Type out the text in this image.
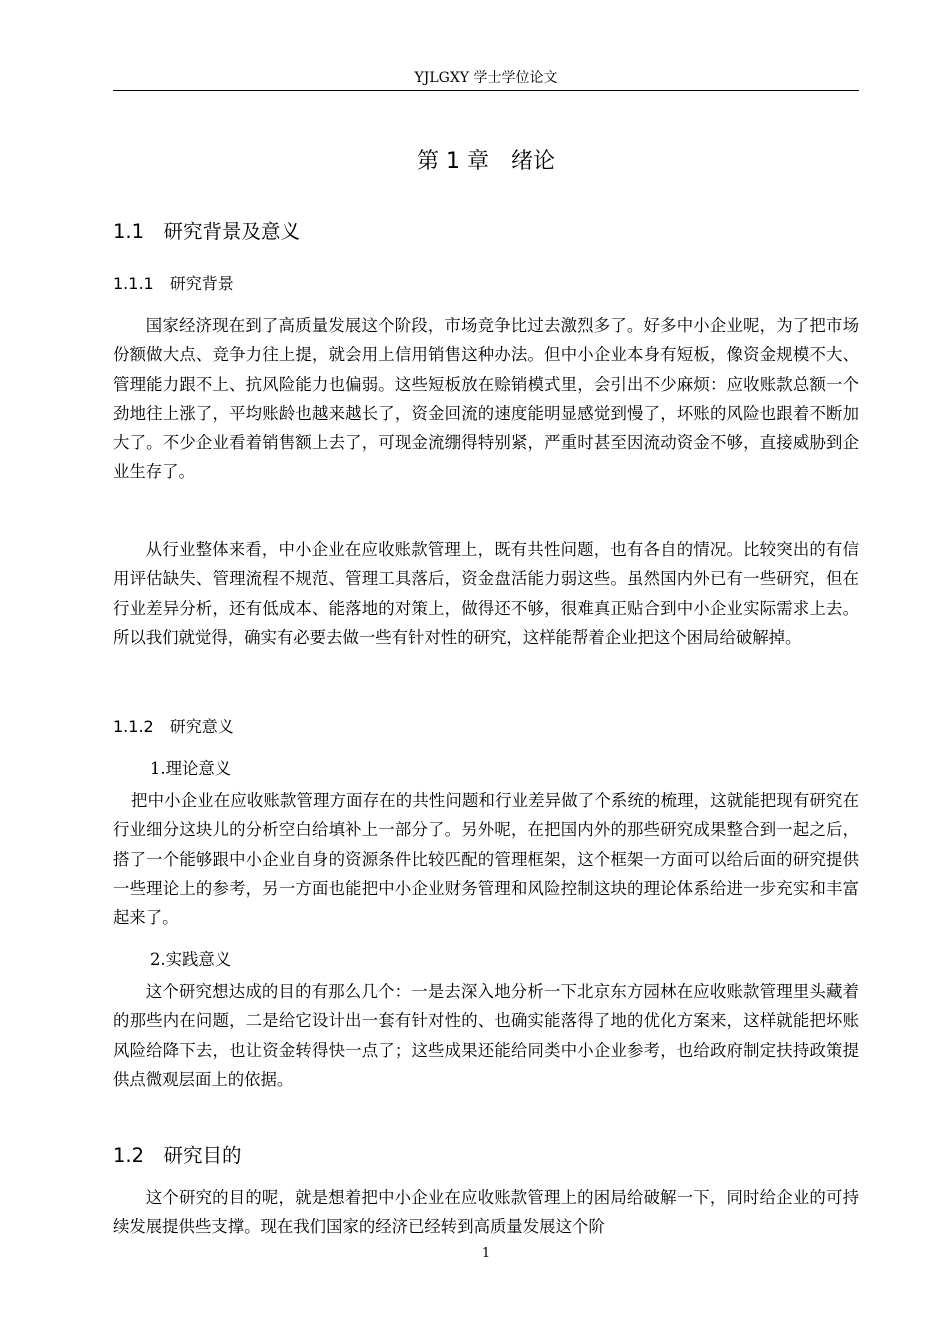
YJLGXY 学士学位论文
第 1 章　绪论
1.1　研究背景及意义
1.1.1　研究背景

国家经济现在到了高质量发展这个阶段，市场竞争比过去激烈多了。好多中小企业呢，为了把市场份额做大点、竞争力往上提，就会用上信用销售这种办法。但中小企业本身有短板，像资金规模不大、管理能力跟不上、抗风险能力也偏弱。这些短板放在赊销模式里，会引出不少麻烦：应收账款总额一个劲地往上涨了，平均账龄也越来越长了，资金回流的速度能明显感觉到慢了，坏账的风险也跟着不断加大了。不少企业看着销售额上去了，可现金流绷得特别紧，严重时甚至因流动资金不够，直接威胁到企业生存了。

从行业整体来看，中小企业在应收账款管理上，既有共性问题，也有各自的情况。比较突出的有信用评估缺失、管理流程不规范、管理工具落后，资金盘活能力弱这些。虽然国内外已有一些研究，但在行业差异分析，还有低成本、能落地的对策上，做得还不够，很难真正贴合到中小企业实际需求上去。所以我们就觉得，确实有必要去做一些有针对性的研究，这样能帮着企业把这个困局给破解掉。

1.1.2　研究意义
1.理论意义

把中小企业在应收账款管理方面存在的共性问题和行业差异做了个系统的梳理，这就能把现有研究在行业细分这块儿的分析空白给填补上一部分了。另外呢，在把国内外的那些研究成果整合到一起之后，搭了一个能够跟中小企业自身的资源条件比较匹配的管理框架，这个框架一方面可以给后面的研究提供一些理论上的参考，另一方面也能把中小企业财务管理和风险控制这块的理论体系给进一步充实和丰富起来了。

2.实践意义

这个研究想达成的目的有那么几个：一是去深入地分析一下北京东方园林在应收账款管理里头藏着的那些内在问题，二是给它设计出一套有针对性的、也确实能落得了地的优化方案来，这样就能把坏账风险给降下去，也让资金转得快一点了；这些成果还能给同类中小企业参考，也给政府制定扶持政策提供点微观层面上的依据。

1.2　研究目的

这个研究的目的呢，就是想着把中小企业在应收账款管理上的困局给破解一下，同时给企业的可持续发展提供些支撑。现在我们国家的经济已经转到高质量发展这个阶

1
